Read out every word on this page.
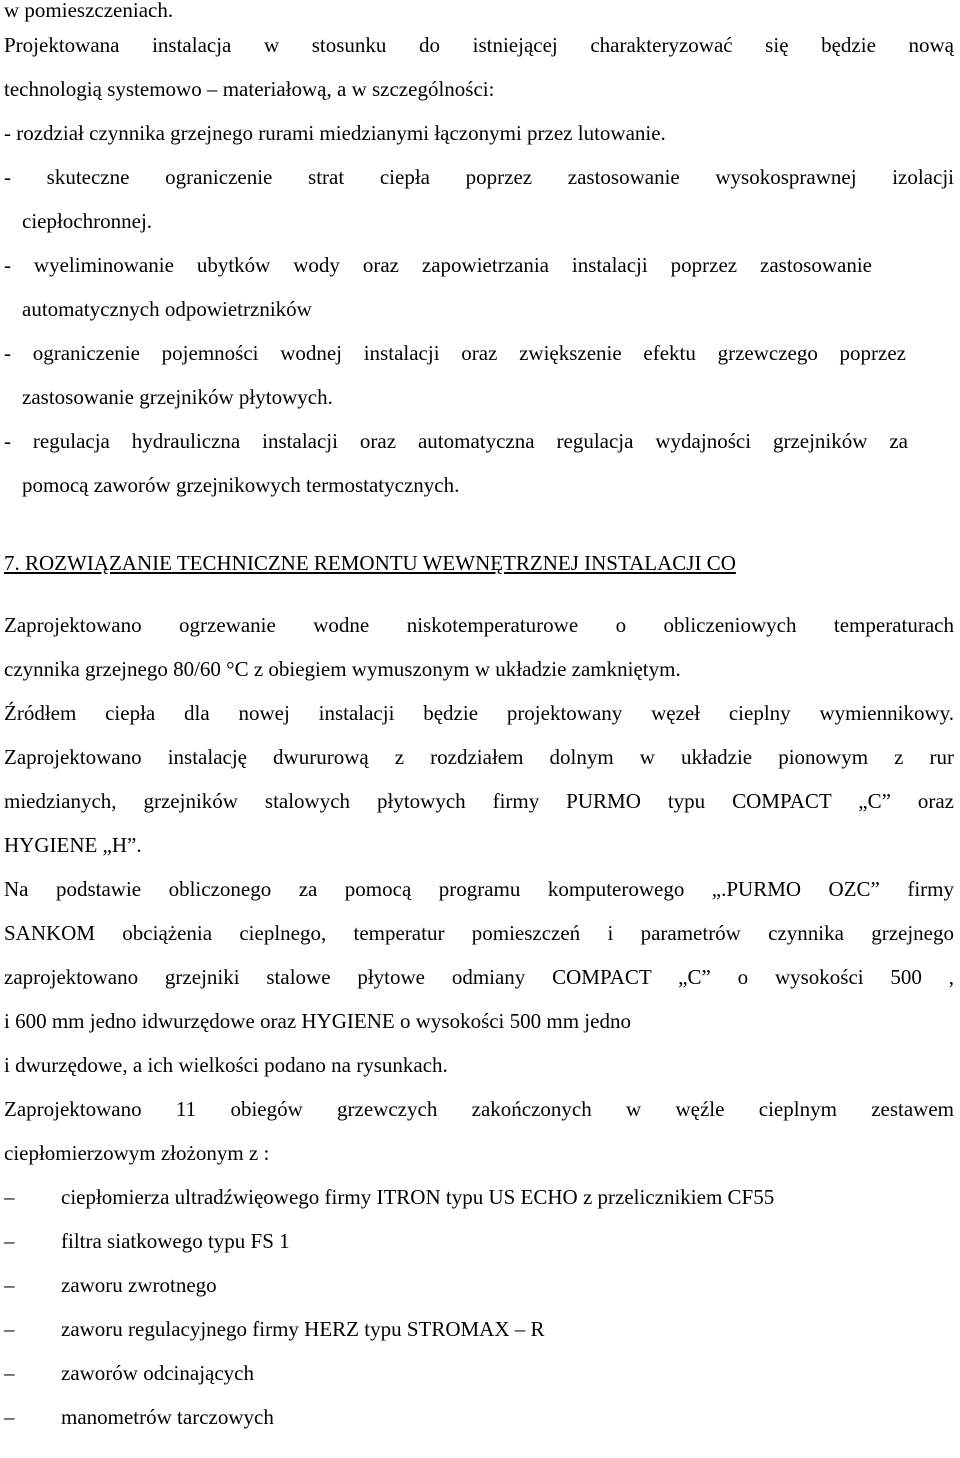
w pomieszczeniach.
Projektowana instalacja w stosunku do istniejącej charakteryzować się będzie nową
technologią systemowo – materiałową, a w szczególności:
- rozdział czynnika grzejnego rurami miedzianymi łączonymi przez lutowanie.
- skuteczne ograniczenie strat ciepła poprzez zastosowanie wysokosprawnej izolacji
ciepłochronnej.
- wyeliminowanie ubytków wody oraz zapowietrzania instalacji poprzez zastosowanie
automatycznych odpowietrzników
- ograniczenie pojemności wodnej instalacji oraz zwiększenie efektu grzewczego poprzez
zastosowanie grzejników płytowych.
- regulacja hydrauliczna instalacji oraz automatyczna regulacja wydajności grzejników za
pomocą zaworów grzejnikowych termostatycznych.
7. ROZWIĄZANIE TECHNICZNE REMONTU WEWNĘTRZNEJ INSTALACJI CO
Zaprojektowano ogrzewanie wodne niskotemperaturowe o obliczeniowych temperaturach
czynnika grzejnego 80/60 °C z obiegiem wymuszonym w układzie zamkniętym.
Źródłem ciepła dla nowej instalacji będzie projektowany węzeł cieplny wymiennikowy.
Zaprojektowano instalację dwururową z rozdziałem dolnym w układzie pionowym z rur
miedzianych, grzejników stalowych płytowych firmy PURMO typu COMPACT „C” oraz
HYGIENE „H”.
Na podstawie obliczonego za pomocą programu komputerowego „.PURMO OZC” firmy
SANKOM obciążenia cieplnego, temperatur pomieszczeń i parametrów czynnika grzejnego
zaprojektowano grzejniki stalowe płytowe odmiany COMPACT „C” o wysokości 500 ,
i 600 mm jedno idwurzędowe oraz HYGIENE o wysokości 500 mm jedno
i dwurzędowe, a ich wielkości podano na rysunkach.
Zaprojektowano 11 obiegów grzewczych zakończonych w węźle cieplnym zestawem
ciepłomierzowym złożonym z :
– ciepłomierza ultradźwięowego firmy ITRON typu US ECHO z przelicznikiem CF55
– filtra siatkowego typu FS 1
– zaworu zwrotnego
– zaworu regulacyjnego firmy HERZ typu STROMAX – R
– zaworów odcinających
– manometrów tarczowych
